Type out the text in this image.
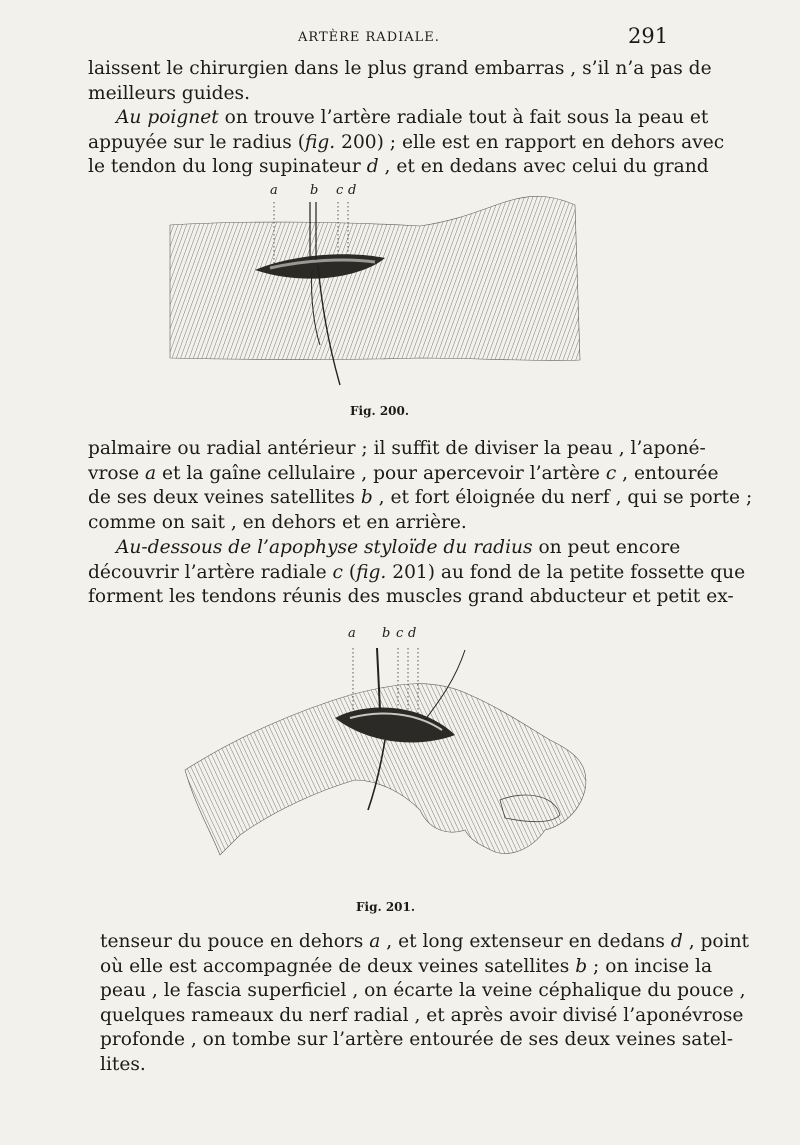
ARTÈRE RADIALE.	291

laissent le chirurgien dans le plus grand embarras , s’il n’a pas de
meilleurs guides.

Au poignet on trouve l’artère radiale tout à fait sous la peau et
appuyée sur le radius (fig. 200) ; elle est en rapport en dehors avec
le tendon du long supinateur d , et en dedans avec celui du grand

a b c d
Fig. 200.

palmaire ou radial antérieur ; il suffit de diviser la peau , l’aponé-
vrose a et la gaîne cellulaire , pour apercevoir l’artère c , entourée
de ses deux veines satellites b , et fort éloignée du nerf , qui se porte ;
comme on sait , en dehors et en arrière.

Au-dessous de l’apophyse styloïde du radius on peut encore
découvrir l’artère radiale c (fig. 201) au fond de la petite fossette que
forment les tendons réunis des muscles grand abducteur et petit ex-

a b c d
Fig. 201.

tenseur du pouce en dehors a , et long extenseur en dedans d , point
où elle est accompagnée de deux veines satellites b ; on incise la
peau , le fascia superficiel , on écarte la veine céphalique du pouce ,
quelques rameaux du nerf radial , et après avoir divisé l’aponévrose
profonde , on tombe sur l’artère entourée de ses deux veines satel-
lites.
